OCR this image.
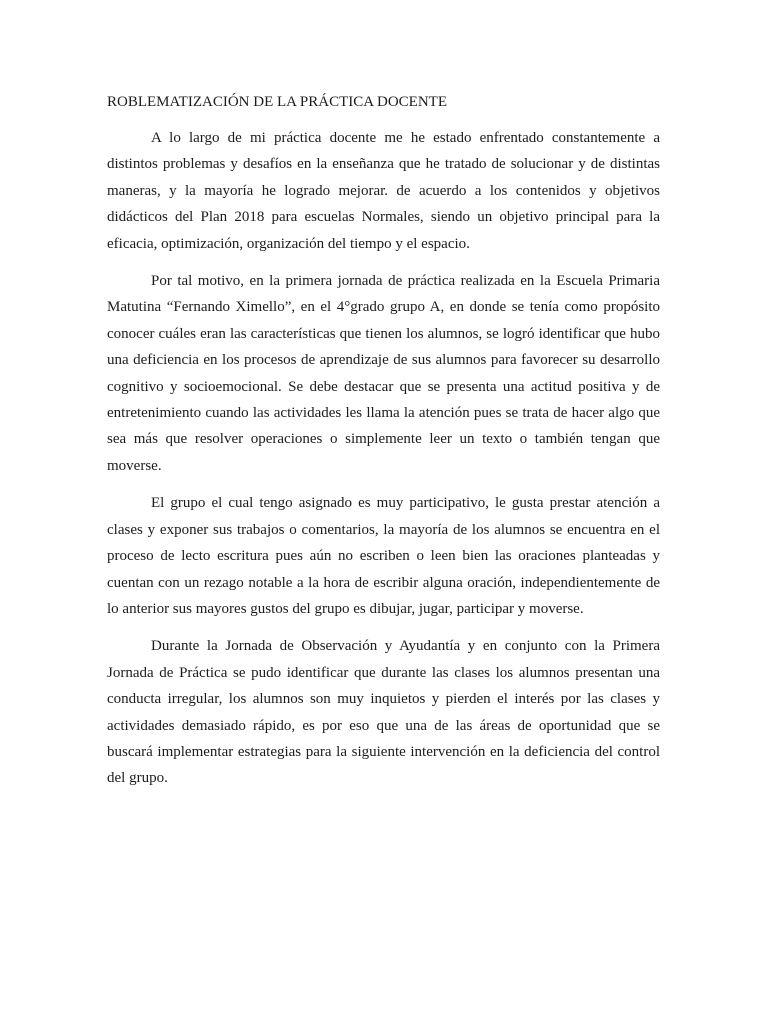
ROBLEMATIZACIÓN DE LA PRÁCTICA DOCENTE

A lo largo de mi práctica docente me he estado enfrentado constantemente a distintos problemas y desafíos en la enseñanza que he tratado de solucionar y de distintas maneras, y la mayoría he logrado mejorar. de acuerdo a los contenidos y objetivos didácticos del Plan 2018 para escuelas Normales, siendo un objetivo principal para la eficacia, optimización, organización del tiempo y el espacio.

Por tal motivo, en la primera jornada de práctica realizada en la Escuela Primaria Matutina “Fernando Ximello”, en el 4°grado grupo A, en donde se tenía como propósito conocer cuáles eran las características que tienen los alumnos, se logró identificar que hubo una deficiencia en los procesos de aprendizaje de sus alumnos para favorecer su desarrollo cognitivo y socioemocional. Se debe destacar que se presenta una actitud positiva y de entretenimiento cuando las actividades les llama la atención pues se trata de hacer algo que sea más que resolver operaciones o simplemente leer un texto o también tengan que moverse.

El grupo el cual tengo asignado es muy participativo, le gusta prestar atención a clases y exponer sus trabajos o comentarios, la mayoría de los alumnos se encuentra en el proceso de lecto escritura pues aún no escriben o leen bien las oraciones planteadas y cuentan con un rezago notable a la hora de escribir alguna oración, independientemente de lo anterior sus mayores gustos del grupo es dibujar, jugar, participar y moverse.

Durante la Jornada de Observación y Ayudantía y en conjunto con la Primera Jornada de Práctica se pudo identificar que durante las clases los alumnos presentan una conducta irregular, los alumnos son muy inquietos y pierden el interés por las clases y actividades demasiado rápido, es por eso que una de las áreas de oportunidad que se buscará implementar estrategias para la siguiente intervención en la deficiencia del control del grupo.
